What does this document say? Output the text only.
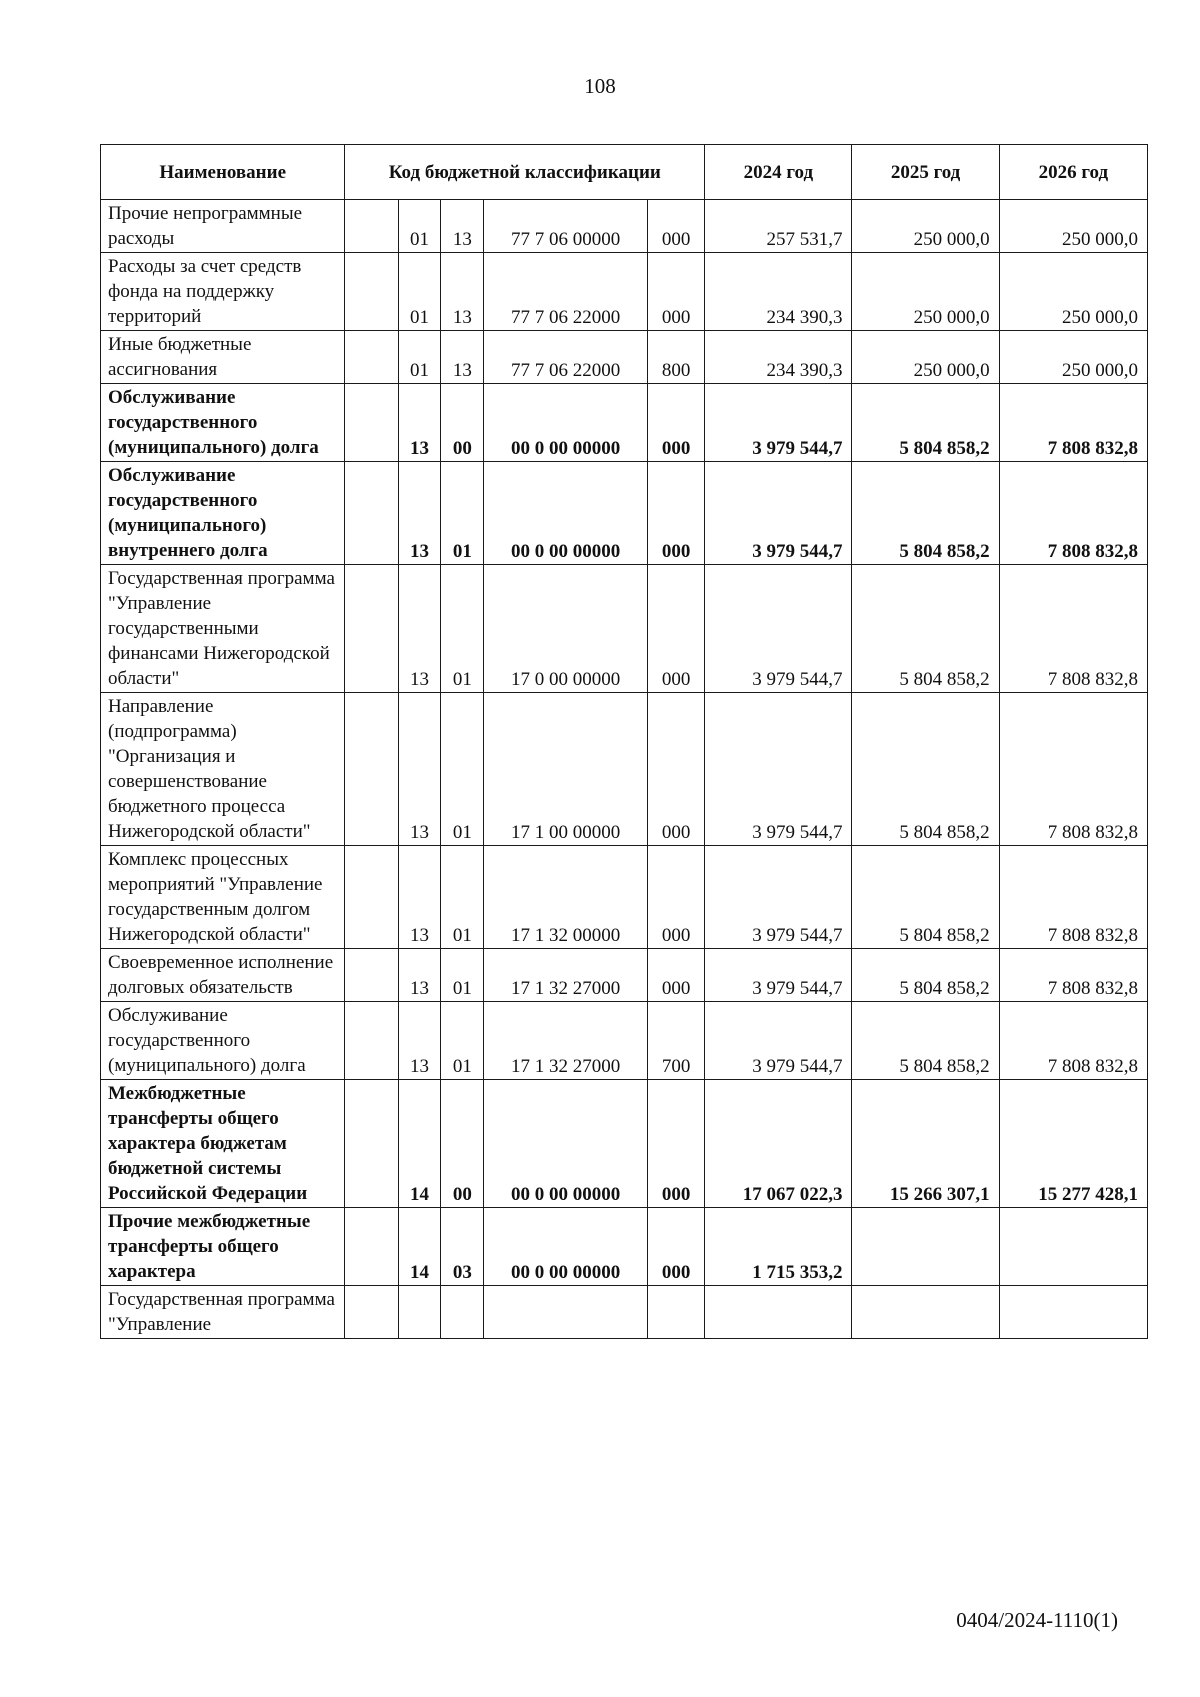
108
Наименование	Код бюджетной классификации					2024 год	2025 год	2026 год
Прочие непрограммные расходы		01	13	77 7 06 00000	000	257 531,7	250 000,0	250 000,0
Расходы за счет средств фонда на поддержку территорий		01	13	77 7 06 22000	000	234 390,3	250 000,0	250 000,0
Иные бюджетные ассигнования		01	13	77 7 06 22000	800	234 390,3	250 000,0	250 000,0
Обслуживание государственного (муниципального) долга		13	00	00 0 00 00000	000	3 979 544,7	5 804 858,2	7 808 832,8
Обслуживание государственного (муниципального) внутреннего долга		13	01	00 0 00 00000	000	3 979 544,7	5 804 858,2	7 808 832,8
Государственная программа "Управление государственными финансами Нижегородской области"		13	01	17 0 00 00000	000	3 979 544,7	5 804 858,2	7 808 832,8
Направление (подпрограмма) "Организация и совершенствование бюджетного процесса Нижегородской области"		13	01	17 1 00 00000	000	3 979 544,7	5 804 858,2	7 808 832,8
Комплекс процессных мероприятий "Управление государственным долгом Нижегородской области"		13	01	17 1 32 00000	000	3 979 544,7	5 804 858,2	7 808 832,8
Своевременное исполнение долговых обязательств		13	01	17 1 32 27000	000	3 979 544,7	5 804 858,2	7 808 832,8
Обслуживание государственного (муниципального) долга		13	01	17 1 32 27000	700	3 979 544,7	5 804 858,2	7 808 832,8
Межбюджетные трансферты общего характера бюджетам бюджетной системы Российской Федерации		14	00	00 0 00 00000	000	17 067 022,3	15 266 307,1	15 277 428,1
Прочие межбюджетные трансферты общего характера		14	03	00 0 00 00000	000	1 715 353,2		
Государственная программа "Управление								
0404/2024-1110(1)
